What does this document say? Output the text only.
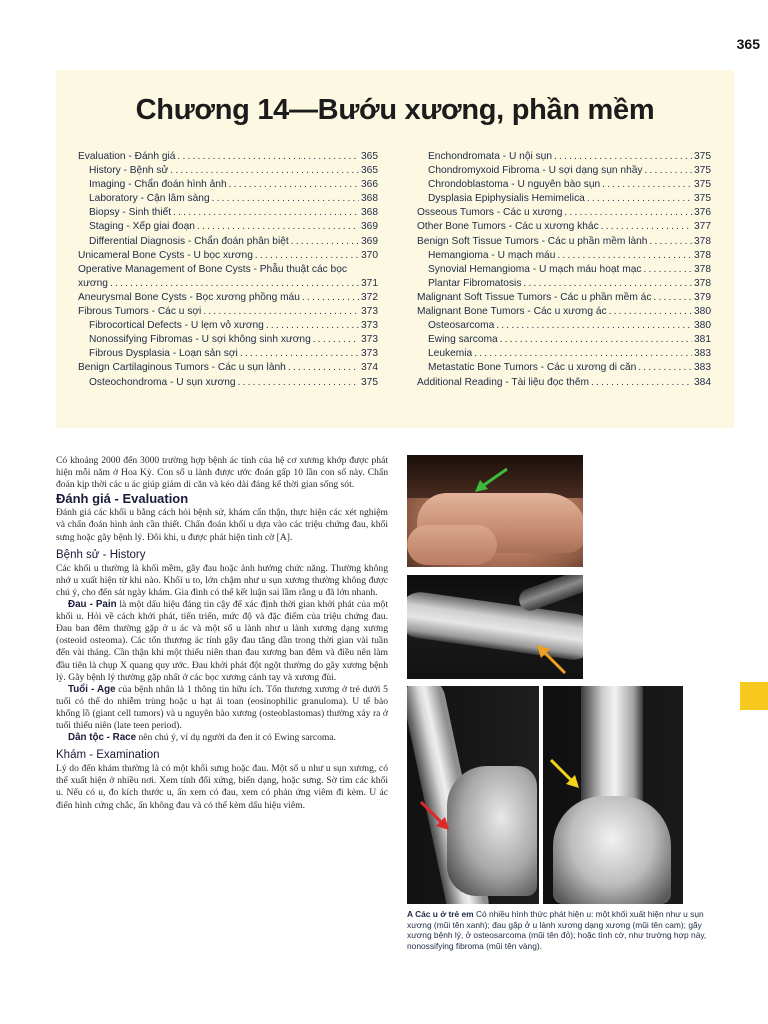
365
Chương 14—Bướu xương, phần mềm
Evaluation - Đánh giá .....	365
History - Bệnh sử .....	365
Imaging - Chẩn đoán hình ảnh .....	366
Laboratory - Cận lâm sàng .....	368
Biopsy - Sinh thiết .....	368
Staging - Xếp giai đoạn .....	369
Differential Diagnosis - Chẩn đoán phân biệt .....	369
Unicameral Bone Cysts - U bọc xương .....	370
Operative Management of Bone Cysts - Phẫu thuật các bọc
xương .....	371
Aneurysmal Bone Cysts - Bọc xương phồng máu .....	372
Fibrous Tumors - Các u sợi .....	373
Fibrocortical Defects - U lẹm vỏ xương .....	373
Nonossifying Fibromas - U sợi không sinh xương .....	373
Fibrous Dysplasia - Loạn sản sợi .....	373
Benign Cartilaginous Tumors - Các u sụn lành .....	374
Osteochondroma - U sụn xương .....	375
Enchondromata - U nội sụn .....	375
Chondromyxoid Fibroma - U sợi dạng sụn nhầy .....	375
Chrondoblastoma - U nguyên bào sụn .....	375
Dysplasia Epiphysialis Hemimelica .....	375
Osseous Tumors - Các u xương .....	376
Other Bone Tumors - Các u xương khác .....	377
Benign Soft Tissue Tumors - Các u phần mềm lành .....	378
Hemangioma - U mạch máu .....	378
Synovial Hemangioma - U mạch máu hoạt mạc .....	378
Plantar Fibromatosis .....	378
Malignant Soft Tissue Tumors - Các u phần mềm ác .....	379
Malignant Bone Tumors - Các u xương ác .....	380
Osteosarcoma .....	380
Ewing sarcoma .....	381
Leukemia .....	383
Metastatic Bone Tumors - Các u xương di căn .....	383
Additional Reading - Tài liệu đọc thêm .....	384

Có khoảng 2000 đến 3000 trường hợp bệnh ác tính của hệ cơ xương khớp được phát hiện mỗi năm ở Hoa Kỳ. Con số u lành được ước đoán gấp 10 lần con số này. Chẩn đoán kịp thời các u ác giúp giảm di căn và kéo dài đáng kể thời gian sống sót.

Đánh giá - Evaluation

Đánh giá các khối u bằng cách hỏi bệnh sử, khám cẩn thận, thực hiện các xét nghiệm và chẩn đoán hình ảnh cần thiết. Chẩn đoán khối u dựa vào các triệu chứng đau, khối sưng hoặc gãy bệnh lý. Đôi khi, u được phát hiện tình cờ [A].

Bệnh sử - History

Các khối u thường là khối mềm, gây đau hoặc ảnh hưởng chức năng. Thường không nhớ u xuất hiện từ khi nào. Khối u to, lớn chậm như u sụn xương thường không được chú ý, cho đến sát ngày khám. Gia đình có thể kết luận sai lầm rằng u đã lớn nhanh.

Đau - Pain là một dấu hiệu đáng tin cậy để xác định thời gian khởi phát của một khối u. Hỏi về cách khởi phát, tiến triển, mức độ và đặc điểm của triệu chứng đau. Đau ban đêm thường gặp ở u ác và một số u lành như u lành xương dạng xương (osteoid osteoma). Các tổn thương ác tính gây đau tăng dần trong thời gian vài tuần đến vài tháng. Cần thận khi một thiếu niên than đau xương ban đêm và điều nên làm đầu tiên là chụp X quang quy ước. Đau khởi phát đột ngột thường do gãy xương bệnh lý. Gãy bệnh lý thường gặp nhất ở các bọc xương cánh tay và xương đùi.

Tuổi - Age của bệnh nhân là 1 thông tin hữu ích. Tổn thương xương ở trẻ dưới 5 tuổi có thể do nhiễm trùng hoặc u hạt ái toan (eosinophilic granuloma). U tế bào khổng lồ (giant cell tumors) và u nguyên bào xương (osteoblastomas) thường xảy ra ở tuổi thiếu niên (late teen period).

Dân tộc - Race nên chú ý, ví dụ người da đen ít có Ewing sarcoma.

Khám - Examination

Lý do đến khám thường là có một khối sưng hoặc đau. Một số u như u sụn xương, có thể xuất hiện ở nhiều nơi. Xem tính đối xứng, biến dạng, hoặc sưng. Sờ tìm các khối u. Nếu có u, đo kích thước u, ấn xem có đau, xem có phản ứng viêm đi kèm. U ác điển hình cứng chắc, ấn không đau và có thể kèm dấu hiệu viêm.

A Các u ở trẻ em Có nhiều hình thức phát hiện u: một khối xuất hiện như u sụn xương (mũi tên xanh); đau gặp ở u lành xương dạng xương (mũi tên cam); gãy xương bệnh lý, ở osteosarcoma (mũi tên đỏ); hoặc tình cờ, như trường hợp này, nonossifying fibroma (mũi tên vàng).
